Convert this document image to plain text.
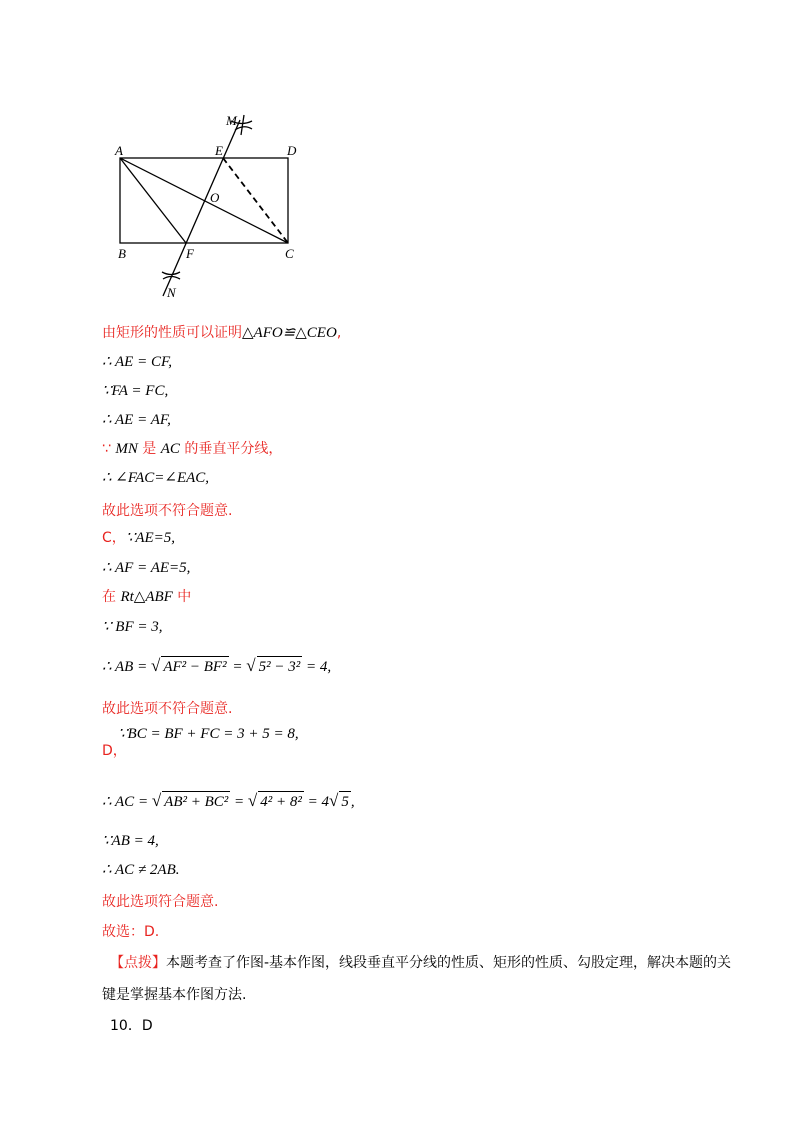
A	D
E
M
O
B	F	C
N
由矩形的性质可以证明△AFO≌△CEO,
∴ AE = CF,
∵FA = FC,
∴ AE = AF,
∵ MN 是 AC 的垂直平分线，
∴ ∠FAC=∠EAC,
故此选项不符合题意.
C，∵AE=5,
∴ AF = AE=5,
在 Rt△ABF 中
∵ BF = 3,
∴ AB = √ AF² − BF² = √ 5² − 3² = 4,
故此选项不符合题意.
∵BC = BF + FC = 3 + 5 = 8,
D，
∴ AC = √ AB² + BC² = √ 4² + 8² = 4√ 5 ,
∵AB = 4,
∴ AC ≠ 2AB.
故此选项符合题意.
故选：D.
【点拨】本题考查了作图-基本作图，线段垂直平分线的性质、矩形的性质、勾股定理，解决本题的关
键是掌握基本作图方法.
10．D
